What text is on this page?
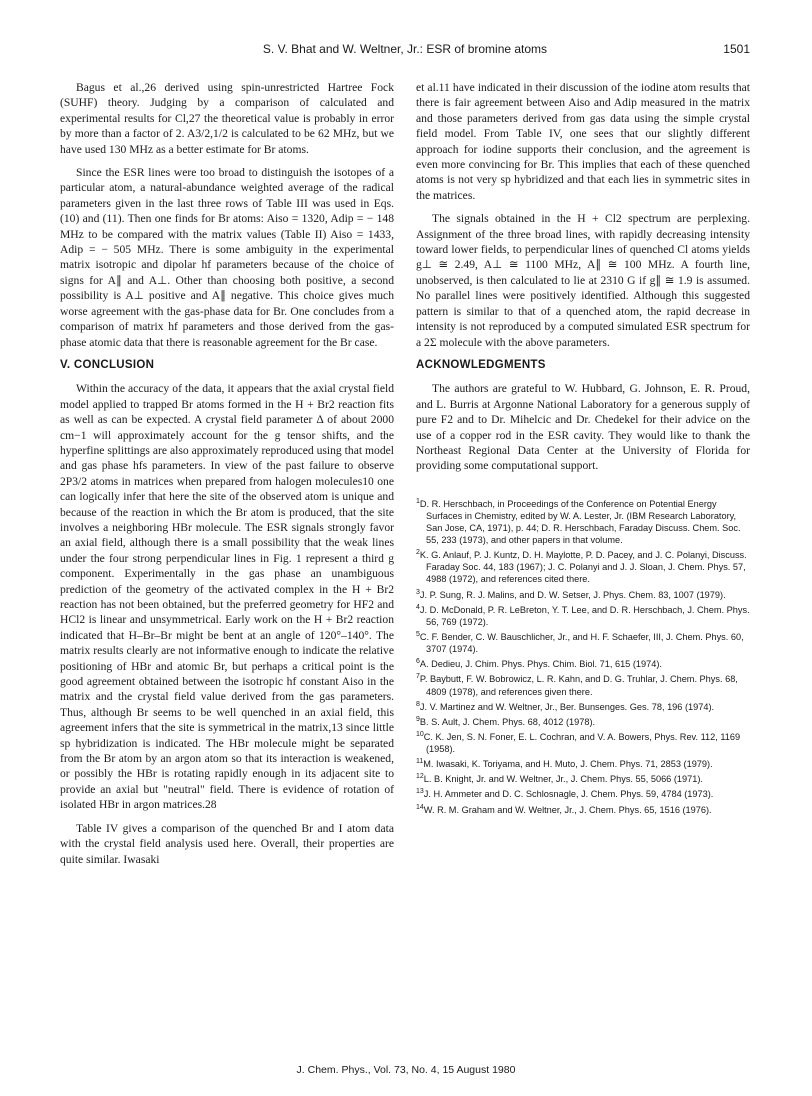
S. V. Bhat and W. Weltner, Jr.: ESR of bromine atoms	1501

Bagus et al.,26 derived using spin-unrestricted Hartree Fock (SUHF) theory. Judging by a comparison of calculated and experimental results for Cl,27 the theoretical value is probably in error by more than a factor of 2. A3/2,1/2 is calculated to be 62 MHz, but we have used 130 MHz as a better estimate for Br atoms.

Since the ESR lines were too broad to distinguish the isotopes of a particular atom, a natural-abundance weighted average of the radical parameters given in the last three rows of Table III was used in Eqs. (10) and (11). Then one finds for Br atoms: Aiso = 1320, Adip = − 148 MHz to be compared with the matrix values (Table II) Aiso = 1433, Adip = − 505 MHz. There is some ambiguity in the experimental matrix isotropic and dipolar hf parameters because of the choice of signs for A∥ and A⊥. Other than choosing both positive, a second possibility is A⊥ positive and A∥ negative. This choice gives much worse agreement with the gas-phase data for Br. One concludes from a comparison of matrix hf parameters and those derived from the gas-phase atomic data that there is reasonable agreement for the Br case.

V. CONCLUSION

Within the accuracy of the data, it appears that the axial crystal field model applied to trapped Br atoms formed in the H + Br2 reaction fits as well as can be expected. A crystal field parameter Δ of about 2000 cm−1 will approximately account for the g tensor shifts, and the hyperfine splittings are also approximately reproduced using that model and gas phase hfs parameters. In view of the past failure to observe 2P3/2 atoms in matrices when prepared from halogen molecules10 one can logically infer that here the site of the observed atom is unique and because of the reaction in which the Br atom is produced, that the site involves a neighboring HBr molecule. The ESR signals strongly favor an axial field, although there is a small possibility that the weak lines under the four strong perpendicular lines in Fig. 1 represent a third g component. Experimentally in the gas phase an unambiguous prediction of the geometry of the activated complex in the H + Br2 reaction has not been obtained, but the preferred geometry for HF2 and HCl2 is linear and unsymmetrical. Early work on the H + Br2 reaction indicated that H–Br–Br might be bent at an angle of 120°–140°. The matrix results clearly are not informative enough to indicate the relative positioning of HBr and atomic Br, but perhaps a critical point is the good agreement obtained between the isotropic hf constant Aiso in the matrix and the crystal field value derived from the gas parameters. Thus, although Br seems to be well quenched in an axial field, this agreement infers that the site is symmetrical in the matrix,13 since little sp hybridization is indicated. The HBr molecule might be separated from the Br atom by an argon atom so that its interaction is weakened, or possibly the HBr is rotating rapidly enough in its adjacent site to provide an axial but "neutral" field. There is evidence of rotation of isolated HBr in argon matrices.28

Table IV gives a comparison of the quenched Br and I atom data with the crystal field analysis used here. Overall, their properties are quite similar. Iwasaki

et al.11 have indicated in their discussion of the iodine atom results that there is fair agreement between Aiso and Adip measured in the matrix and those parameters derived from gas data using the simple crystal field model. From Table IV, one sees that our slightly different approach for iodine supports their conclusion, and the agreement is even more convincing for Br. This implies that each of these quenched atoms is not very sp hybridized and that each lies in symmetric sites in the matrices.

The signals obtained in the H + Cl2 spectrum are perplexing. Assignment of the three broad lines, with rapidly decreasing intensity toward lower fields, to perpendicular lines of quenched Cl atoms yields g⊥ ≅ 2.49, A⊥ ≅ 1100 MHz, A∥ ≅ 100 MHz. A fourth line, unobserved, is then calculated to lie at 2310 G if g∥ ≅ 1.9 is assumed. No parallel lines were positively identified. Although this suggested pattern is similar to that of a quenched atom, the rapid decrease in intensity is not reproduced by a computed simulated ESR spectrum for a 2Σ molecule with the above parameters.

ACKNOWLEDGMENTS

The authors are grateful to W. Hubbard, G. Johnson, E. R. Proud, and L. Burris at Argonne National Laboratory for a generous supply of pure F2 and to Dr. Mihelcic and Dr. Chedekel for their advice on the use of a copper rod in the ESR cavity. They would like to thank the Northeast Regional Data Center at the University of Florida for providing some computational support.

$^1$D. R. Herschbach, in Proceedings of the Conference on Potential Energy Surfaces in Chemistry, edited by W. A. Lester, Jr. (IBM Research Laboratory, San Jose, CA, 1971), p. 44; D. R. Herschbach, Faraday Discuss. Chem. Soc. 55, 233 (1973), and other papers in that volume.
$^2$K. G. Anlauf, P. J. Kuntz, D. H. Maylotte, P. D. Pacey, and J. C. Polanyi, Discuss. Faraday Soc. 44, 183 (1967); J. C. Polanyi and J. J. Sloan, J. Chem. Phys. 57, 4988 (1972), and references cited there.
$^3$J. P. Sung, R. J. Malins, and D. W. Setser, J. Phys. Chem. 83, 1007 (1979).
$^4$J. D. McDonald, P. R. LeBreton, Y. T. Lee, and D. R. Herschbach, J. Chem. Phys. 56, 769 (1972).
$^5$C. F. Bender, C. W. Bauschlicher, Jr., and H. F. Schaefer, III, J. Chem. Phys. 60, 3707 (1974).
$^6$A. Dedieu, J. Chim. Phys. Phys. Chim. Biol. 71, 615 (1974).
$^7$P. Baybutt, F. W. Bobrowicz, L. R. Kahn, and D. G. Truhlar, J. Chem. Phys. 68, 4809 (1978), and references given there.
$^8$J. V. Martinez and W. Weltner, Jr., Ber. Bunsenges. Ges. 78, 196 (1974).
$^9$B. S. Ault, J. Chem. Phys. 68, 4012 (1978).
$^{10}$C. K. Jen, S. N. Foner, E. L. Cochran, and V. A. Bowers, Phys. Rev. 112, 1169 (1958).
$^{11}$M. Iwasaki, K. Toriyama, and H. Muto, J. Chem. Phys. 71, 2853 (1979).
$^{12}$L. B. Knight, Jr. and W. Weltner, Jr., J. Chem. Phys. 55, 5066 (1971).
$^{13}$J. H. Ammeter and D. C. Schlosnagle, J. Chem. Phys. 59, 4784 (1973).
$^{14}$W. R. M. Graham and W. Weltner, Jr., J. Chem. Phys. 65, 1516 (1976).
J. Chem. Phys., Vol. 73, No. 4, 15 August 1980
